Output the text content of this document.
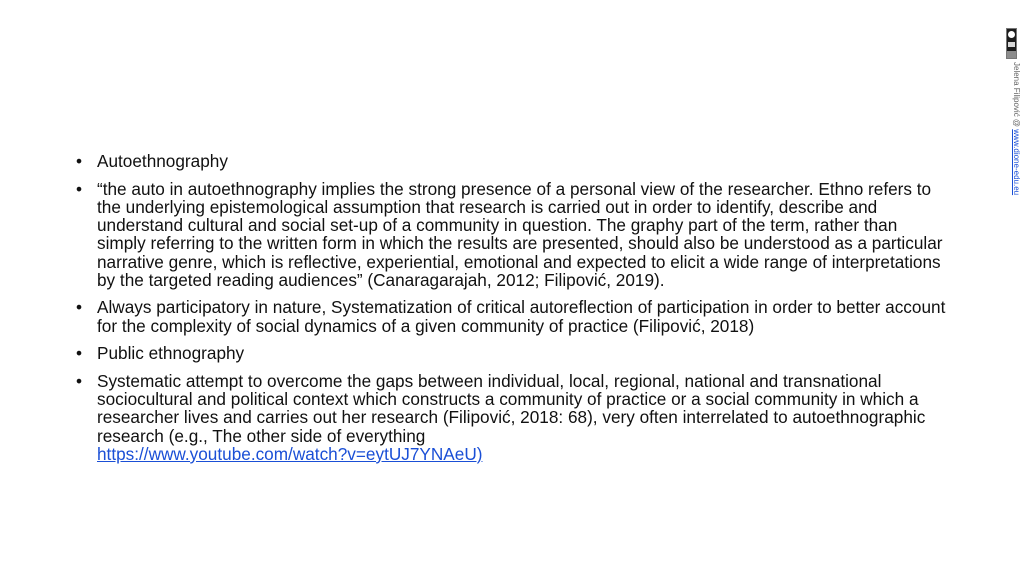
• Autoethnography
• “the auto in autoethnography implies the strong presence of a personal view of the researcher. Ethno refers to the underlying epistemological assumption that research is carried out in order to identify, describe and understand cultural and social set-up of a community in question. The graphy part of the term, rather than simply referring to the written form in which the results are presented, should also be understood as a particular narrative genre, which is reflective, experiential, emotional and expected to elicit a wide range of interpretations by the targeted reading audiences” (Canaragarajah, 2012; Filipović, 2019).
• Always participatory in nature, Systematization of critical autoreflection of participation in order to better account for the complexity of social dynamics of a given community of practice (Filipović, 2018)
• Public ethnography
• Systematic attempt to overcome the gaps between individual, local, regional, national and transnational sociocultural and political context which constructs a community of practice or a social community in which a researcher lives and carries out her research (Filipović, 2018: 68), very often interrelated to autoethnographic research (e.g., The other side of everything
https://www.youtube.com/watch?v=eytUJ7YNAeU)
Jelena Filipović @ www.dione-edu.eu
